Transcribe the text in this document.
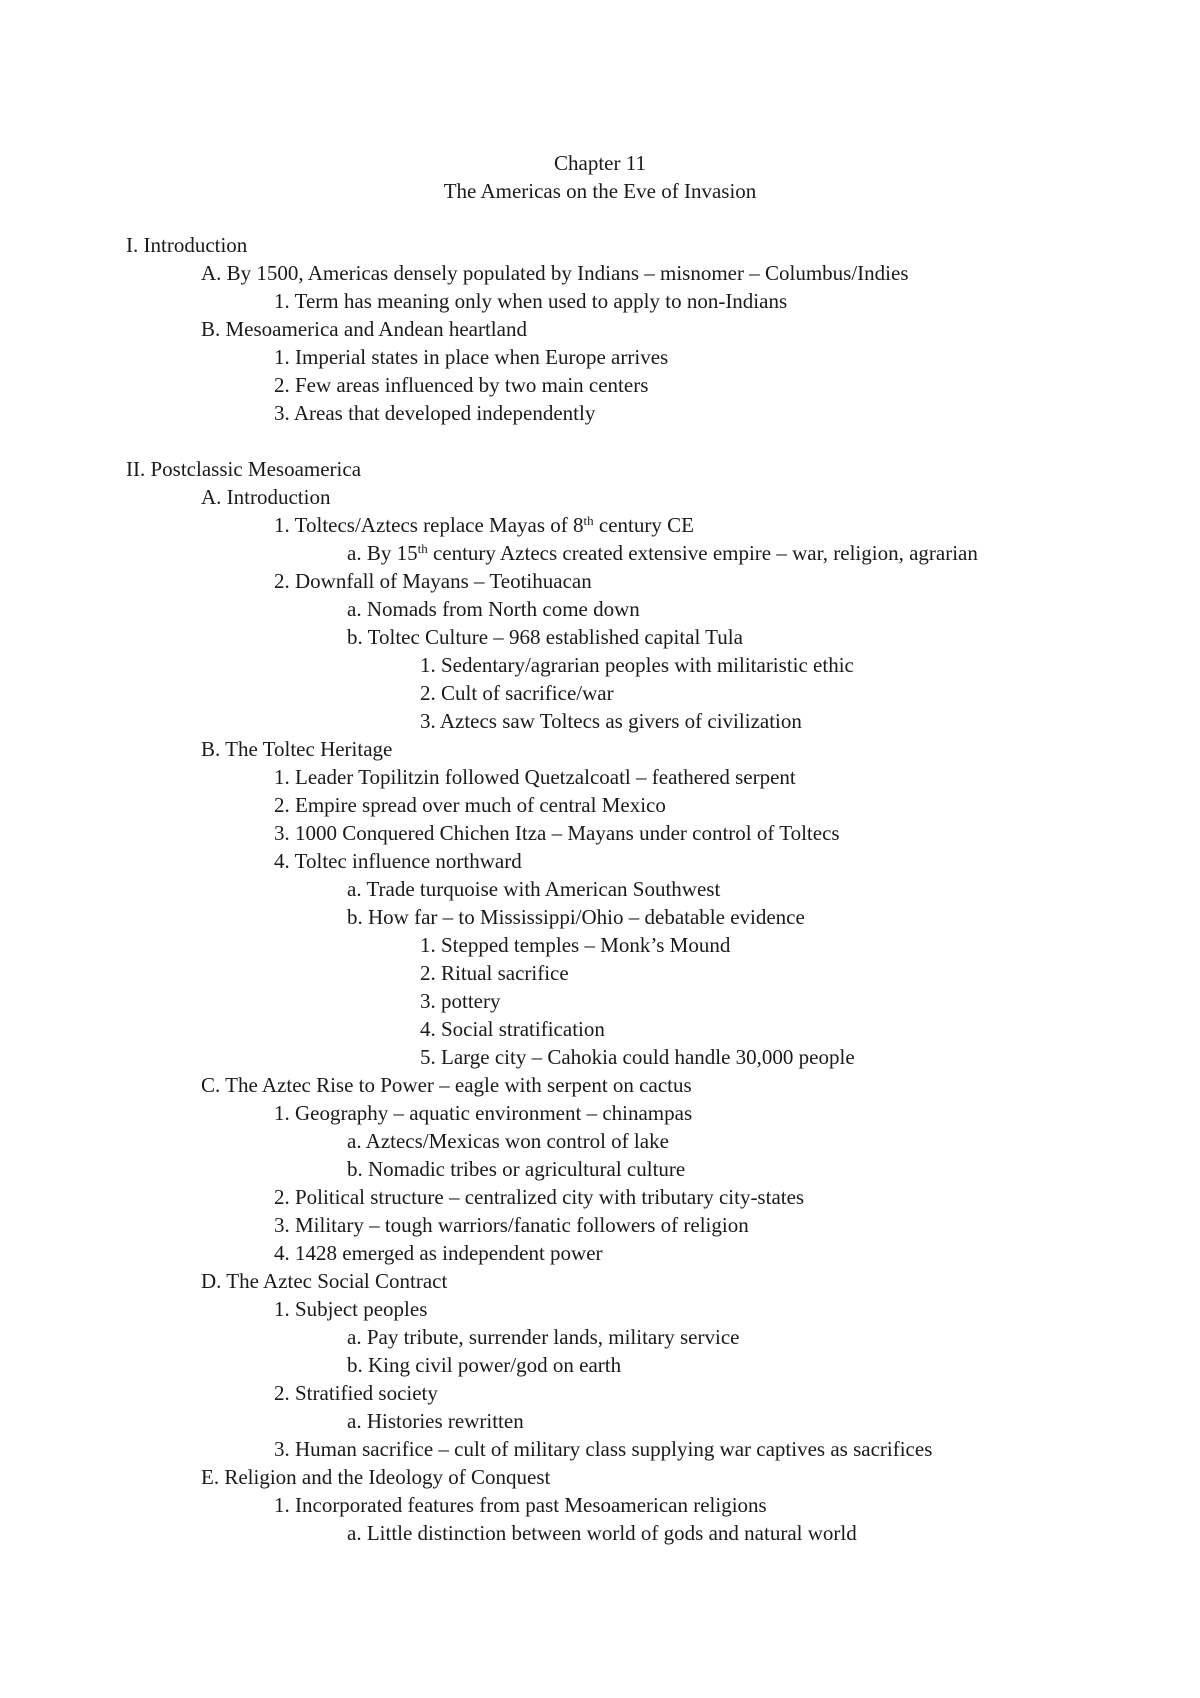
Chapter 11
The Americas on the Eve of Invasion
I. Introduction
A. By 1500, Americas densely populated by Indians – misnomer – Columbus/Indies
1. Term has meaning only when used to apply to non-Indians
B. Mesoamerica and Andean heartland
1. Imperial states in place when Europe arrives
2. Few areas influenced by two main centers
3. Areas that developed independently
II. Postclassic Mesoamerica
A. Introduction
1. Toltecs/Aztecs replace Mayas of 8th century CE
a. By 15th century Aztecs created extensive empire – war, religion, agrarian
2. Downfall of Mayans – Teotihuacan
a. Nomads from North come down
b. Toltec Culture – 968 established capital Tula
1. Sedentary/agrarian peoples with militaristic ethic
2. Cult of sacrifice/war
3. Aztecs saw Toltecs as givers of civilization
B. The Toltec Heritage
1. Leader Topilitzin followed Quetzalcoatl – feathered serpent
2. Empire spread over much of central Mexico
3. 1000 Conquered Chichen Itza – Mayans under control of Toltecs
4. Toltec influence northward
a. Trade turquoise with American Southwest
b. How far – to Mississippi/Ohio – debatable evidence
1. Stepped temples – Monk’s Mound
2. Ritual sacrifice
3. pottery
4. Social stratification
5. Large city – Cahokia could handle 30,000 people
C. The Aztec Rise to Power – eagle with serpent on cactus
1. Geography – aquatic environment – chinampas
a. Aztecs/Mexicas won control of lake
b. Nomadic tribes or agricultural culture
2. Political structure – centralized city with tributary city-states
3. Military – tough warriors/fanatic followers of religion
4. 1428 emerged as independent power
D. The Aztec Social Contract
1. Subject peoples
a. Pay tribute, surrender lands, military service
b. King civil power/god on earth
2. Stratified society
a. Histories rewritten
3. Human sacrifice – cult of military class supplying war captives as sacrifices
E. Religion and the Ideology of Conquest
1. Incorporated features from past Mesoamerican religions
a. Little distinction between world of gods and natural world
